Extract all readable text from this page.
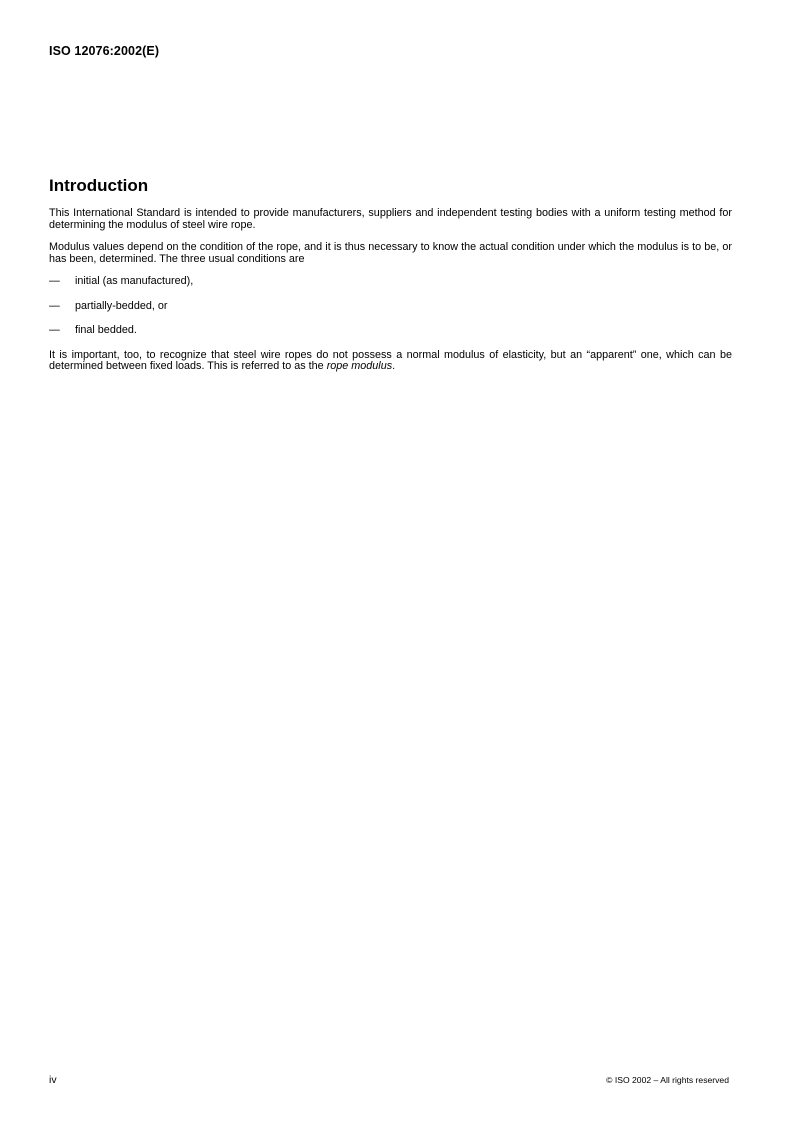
ISO 12076:2002(E)

Introduction

This International Standard is intended to provide manufacturers, suppliers and independent testing bodies with a uniform testing method for determining the modulus of steel wire rope.

Modulus values depend on the condition of the rope, and it is thus necessary to know the actual condition under which the modulus is to be, or has been, determined. The three usual conditions are

—	initial (as manufactured),
—	partially-bedded, or
—	final bedded.

It is important, too, to recognize that steel wire ropes do not possess a normal modulus of elasticity, but an “apparent” one, which can be determined between fixed loads. This is referred to as the rope modulus.

iv	© ISO 2002 – All rights reserved
